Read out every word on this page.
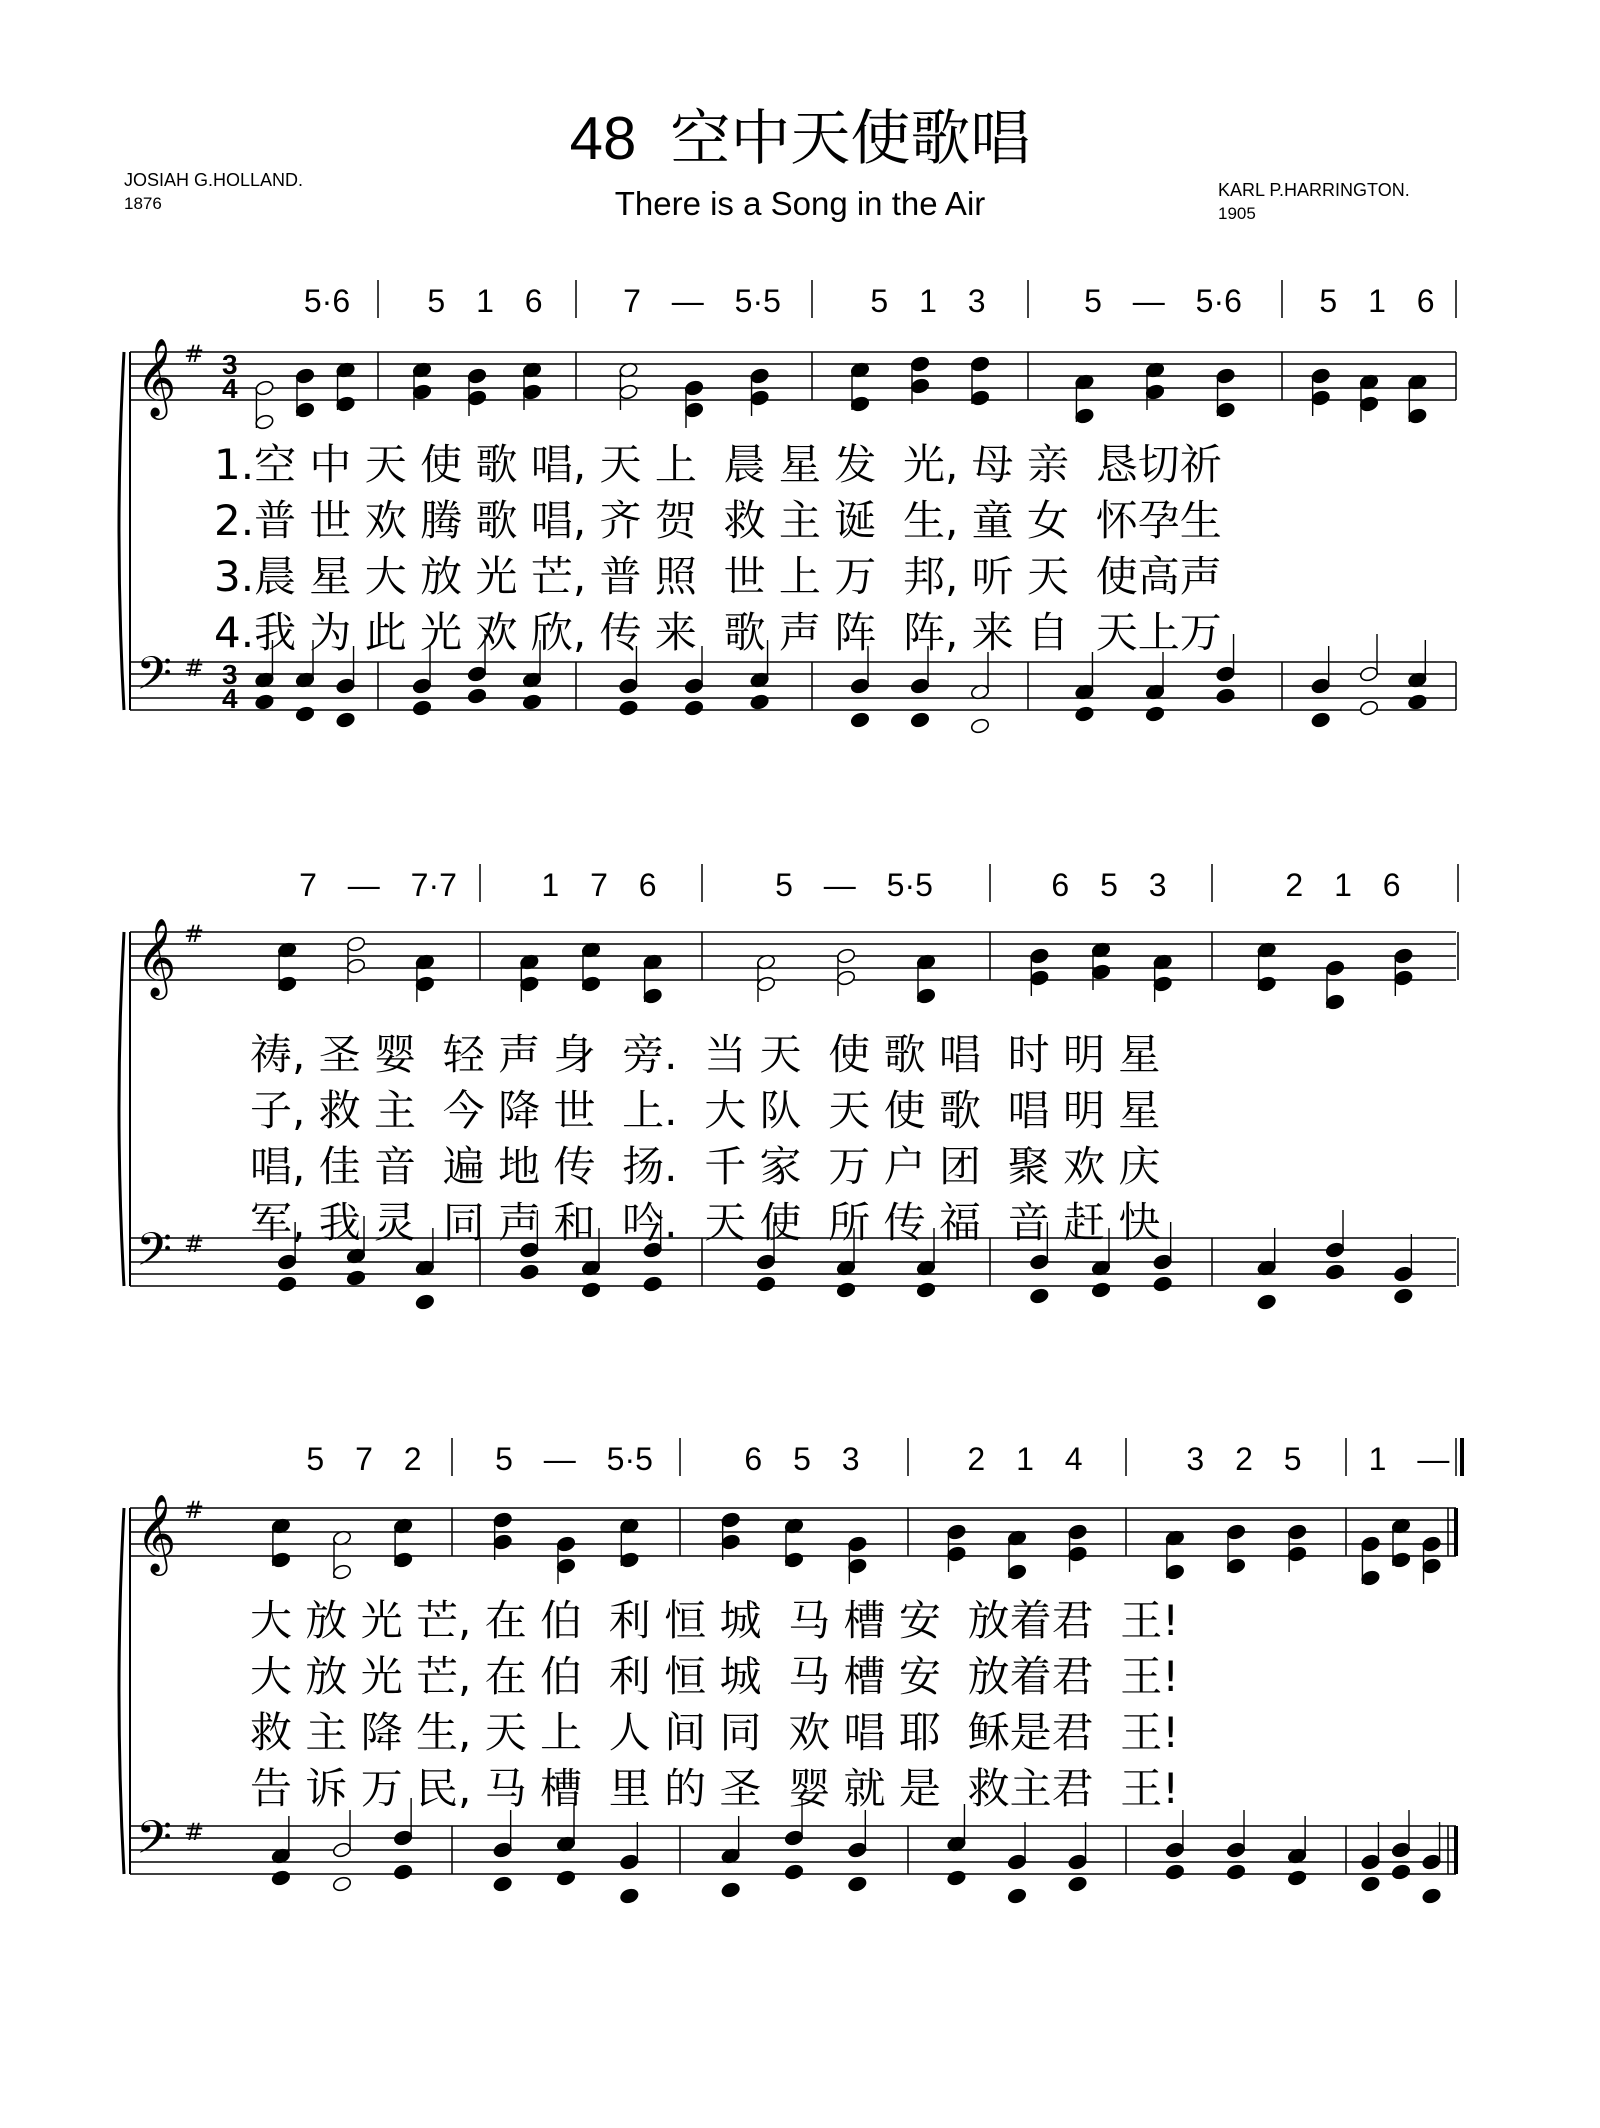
48 空中天使歌唱
There is a Song in the Air
JOSIAH G.HOLLAND.
1876
KARL P.HARRINGTON.
1905
5·6 5 1 6	7 — 5·5	5 1 3	5 — 5·6 5 1 6
𝄞
𝄢
#
#
3
4
3
4
7 — 7·7	1 7 6	5 — 5·5	6 5 3	2 1 6
𝄞
𝄢
#
#
5 7 2 5 — 5·5	6 5 3	2 1 4	3 2 5 1 —
𝄞
𝄢
#
#
1.空 中 天 使 歌 唱, 天 上  晨 星 发  光, 母 亲  恳切祈
2.普 世 欢 腾 歌 唱, 齐 贺  救 主 诞  生, 童 女  怀孕生
3.晨 星 大 放 光 芒, 普 照  世 上 万  邦, 听 天  使高声
4.我 为 此 光 欢 欣, 传 来  歌 声 阵  阵, 来 自  天上万
祷, 圣 婴  轻 声 身  旁.  当 天  使 歌 唱  时 明 星
子, 救 主  今 降 世  上.  大 队  天 使 歌  唱 明 星
唱, 佳 音  遍 地 传  扬.  千 家  万 户 团  聚 欢 庆
军, 我 灵  同 声 和  吟.  天 使  所 传 福  音 赶 快
大 放 光 芒, 在 伯  利 恒 城  马 槽 安  放着君  王!
大 放 光 芒, 在 伯  利 恒 城  马 槽 安  放着君  王!
救 主 降 生, 天 上  人 间 同  欢 唱 耶  稣是君  王!
告 诉 万 民, 马 槽  里 的 圣  婴 就 是  救主君  王!
